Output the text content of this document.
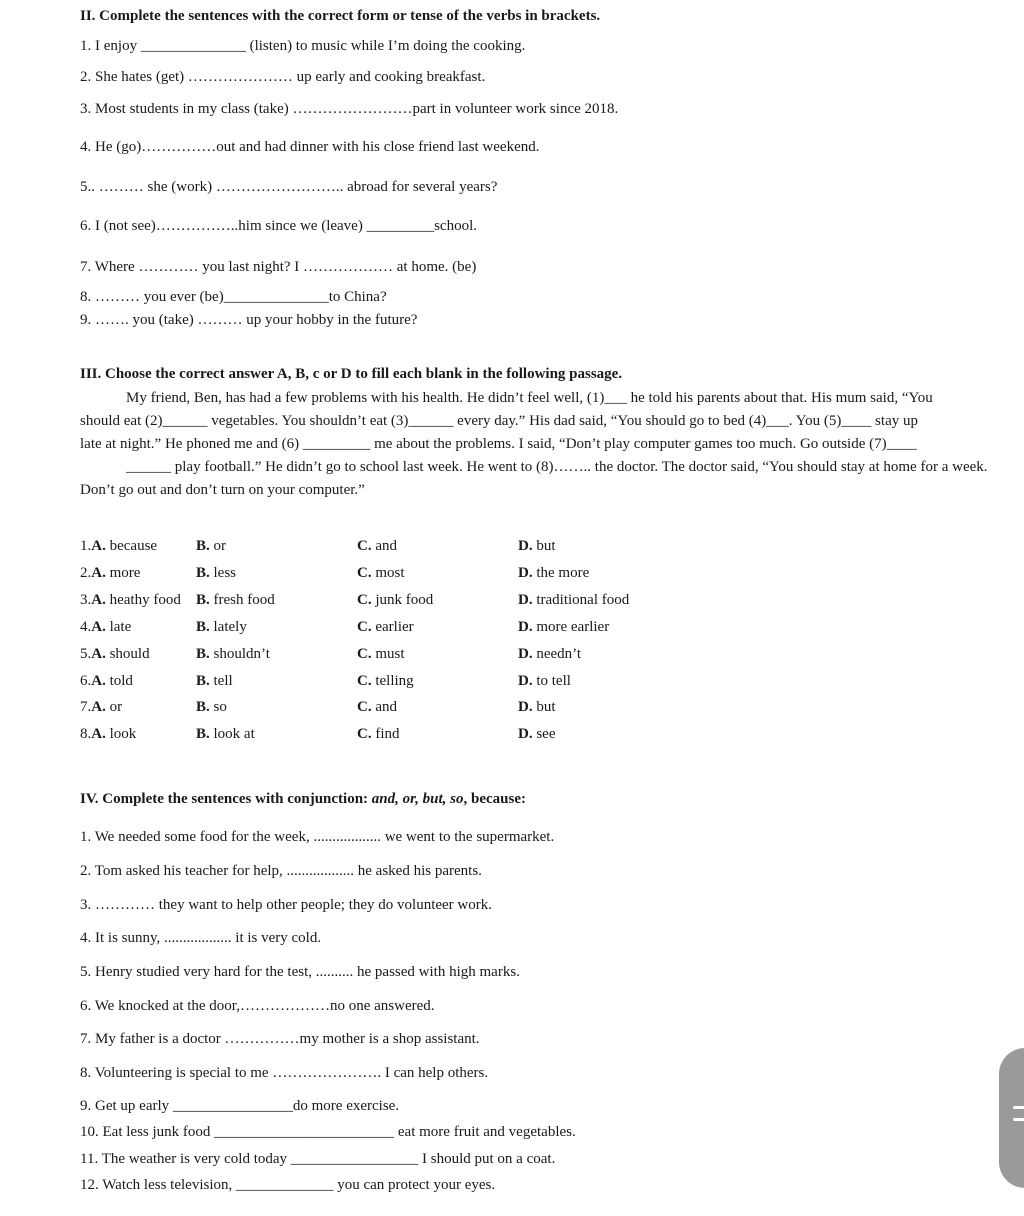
II. Complete the sentences with the correct form or tense of the verbs in brackets.
1. I enjoy ______________ (listen) to music while I’m doing the cooking.
2. She hates (get) ………………… up early and cooking breakfast.
3. Most students in my class (take) ……………………part in volunteer work since 2018.
4. He (go)……………out and had dinner with his close friend last weekend.
5.. ……… she (work) …………………….. abroad for several years?
6. I (not see)……………..him since we (leave) _________school.
7. Where ………… you last night? I ……………… at home. (be)
8. ……… you ever (be)______________to China?
9. ……. you (take) ……… up your hobby in the future?
III. Choose the correct answer A, B, c or D to fill each blank in the following passage.
My friend, Ben, has had a few problems with his health. He didn’t feel well, (1)___ he told his parents about that. His mum said, “You
should eat (2)______ vegetables. You shouldn’t eat (3)______ every day.” His dad said, “You should go to bed (4)___. You (5)____ stay up
late at night.” He phoned me and (6) _________ me about the problems. I said, “Don’t play computer games too much. Go outside (7)____
______ play football.” He didn’t go to school last week. He went to (8)…….. the doctor. The doctor said, “You should stay at home for a week.
Don’t go out and don’t turn on your computer.”
1.A. because	B. or	C. and	D. but
2.A. more	B. less	C. most	D. the more
3.A. heathy food B. fresh food	C. junk food	D. traditional food
4.A. late	B. lately	C. earlier	D. more earlier
5.A. should	B. shouldn’t	C. must	D. needn’t
6.A. told	B. tell	C. telling	D. to tell
7.A. or	B. so	C. and	D. but
8.A. look	B. look at	C. find	D. see
IV. Complete the sentences with conjunction: and, or, but, so, because:
1. We needed some food for the week, .................. we went to the supermarket.
2. Tom asked his teacher for help, .................. he asked his parents.
3. ………… they want to help other people; they do volunteer work.
4. It is sunny, .................. it is very cold.
5. Henry studied very hard for the test, .......... he passed with high marks.
6. We knocked at the door,………………no one answered.
7. My father is a doctor ……………my mother is a shop assistant.
8. Volunteering is special to me …………………. I can help others.
9. Get up early ________________do more exercise.
10. Eat less junk food ________________________ eat more fruit and vegetables.
11. The weather is very cold today _________________ I should put on a coat.
12. Watch less television, _____________ you can protect your eyes.
